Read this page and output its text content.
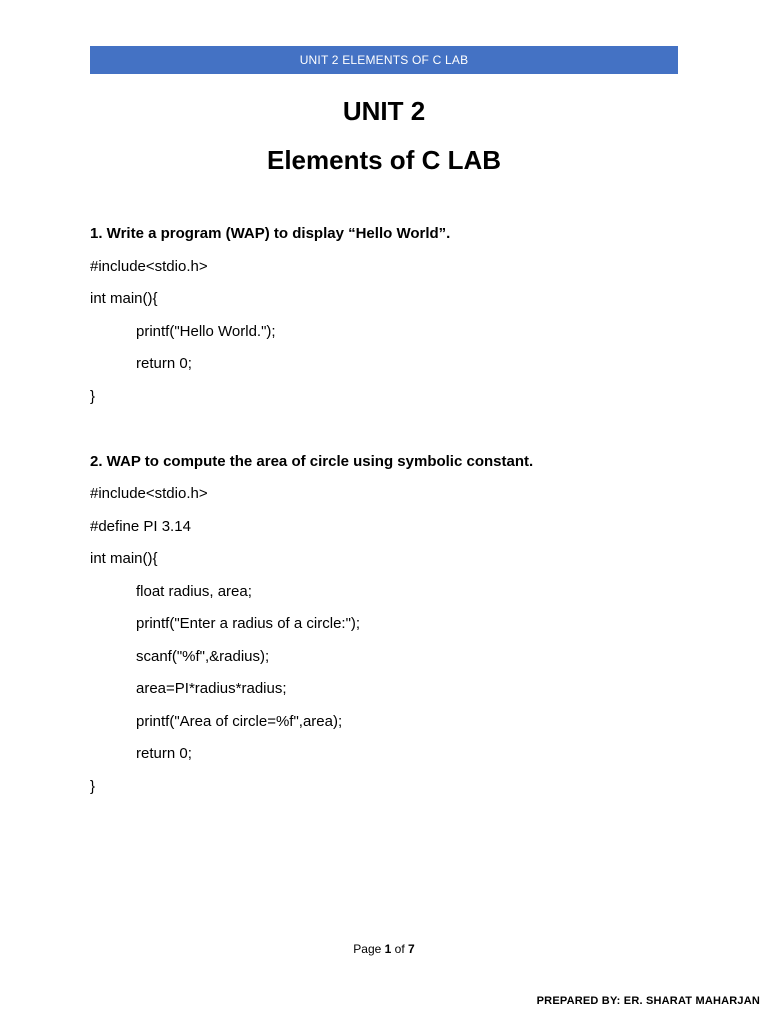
UNIT 2 ELEMENTS OF C LAB
UNIT 2
Elements of C LAB
1. Write a program (WAP) to display “Hello World”.
#include<stdio.h>
int main(){
printf("Hello World.");
return 0;
}
2. WAP to compute the area of circle using symbolic constant.
#include<stdio.h>
#define PI 3.14
int main(){
float radius, area;
printf("Enter a radius of a circle:");
scanf("%f",&radius);
area=PI*radius*radius;
printf("Area of circle=%f",area);
return 0;
}
Page 1 of 7
PREPARED BY: ER. SHARAT MAHARJAN
